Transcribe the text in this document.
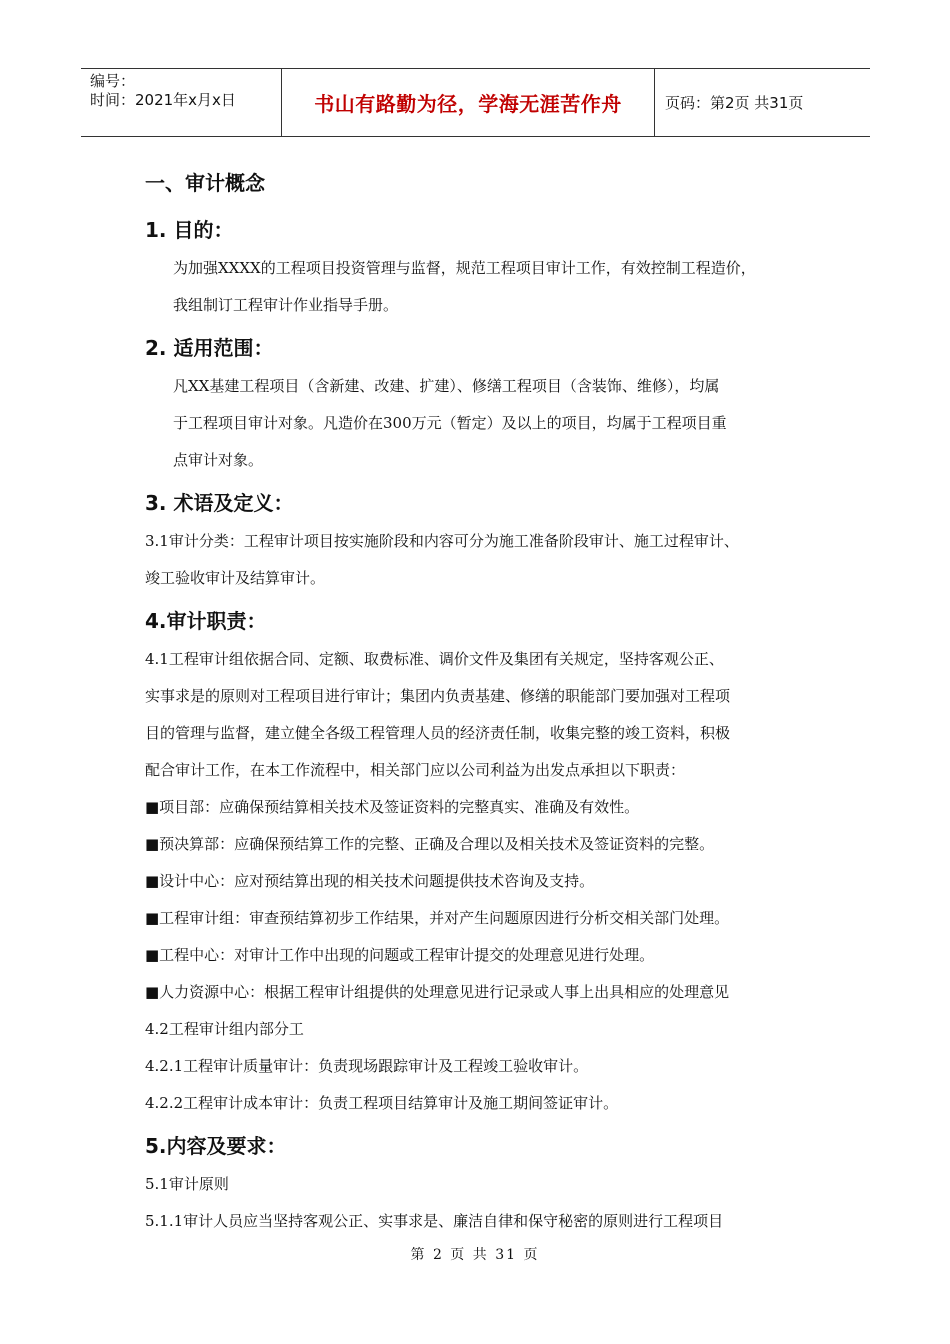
编号：
时间：2021年x月x日	书山有路勤为径，学海无涯苦作舟	页码：第2页 共31页
一、审计概念
1. 目的：
为加强XXXX的工程项目投资管理与监督，规范工程项目审计工作，有效控制工程造价，
我组制订工程审计作业指导手册。
2. 适用范围：
凡XX基建工程项目（含新建、改建、扩建）、修缮工程项目（含装饰、维修），均属
于工程项目审计对象。凡造价在300万元（暂定）及以上的项目，均属于工程项目重
点审计对象。
3. 术语及定义：
3.1审计分类：工程审计项目按实施阶段和内容可分为施工准备阶段审计、施工过程审计、
竣工验收审计及结算审计。
4.审计职责：
4.1工程审计组依据合同、定额、取费标准、调价文件及集团有关规定，坚持客观公正、
实事求是的原则对工程项目进行审计；集团内负责基建、修缮的职能部门要加强对工程项
目的管理与监督，建立健全各级工程管理人员的经济责任制，收集完整的竣工资料，积极
配合审计工作，在本工作流程中，相关部门应以公司利益为出发点承担以下职责：
■项目部：应确保预结算相关技术及签证资料的完整真实、准确及有效性。
■预决算部：应确保预结算工作的完整、正确及合理以及相关技术及签证资料的完整。
■设计中心：应对预结算出现的相关技术问题提供技术咨询及支持。
■工程审计组：审查预结算初步工作结果，并对产生问题原因进行分析交相关部门处理。
■工程中心：对审计工作中出现的问题或工程审计提交的处理意见进行处理。
■人力资源中心：根据工程审计组提供的处理意见进行记录或人事上出具相应的处理意见
4.2工程审计组内部分工
4.2.1工程审计质量审计：负责现场跟踪审计及工程竣工验收审计。
4.2.2工程审计成本审计：负责工程项目结算审计及施工期间签证审计。
5.内容及要求：
5.1审计原则
5.1.1审计人员应当坚持客观公正、实事求是、廉洁自律和保守秘密的原则进行工程项目
第 2 页 共 31 页
